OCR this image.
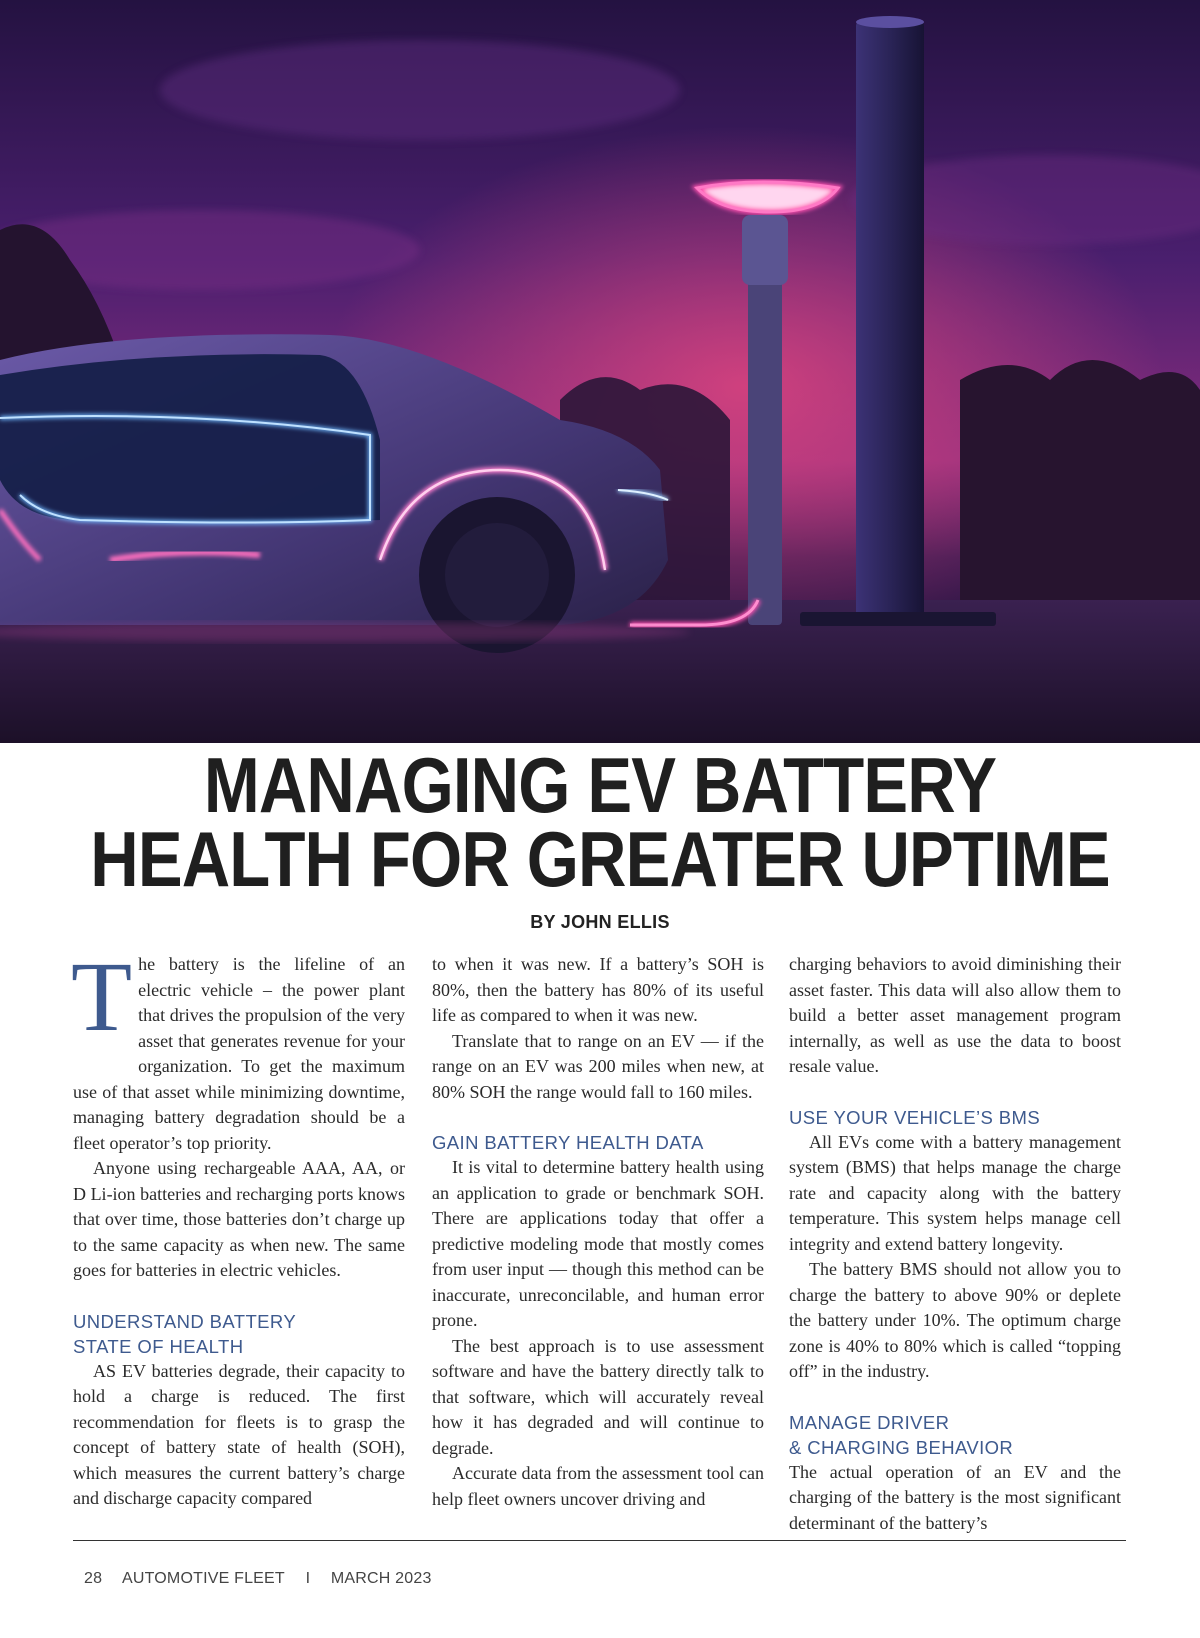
MANAGING EV BATTERY
HEALTH FOR GREATER UPTIME
BY JOHN ELLIS

The battery is the lifeline of an electric vehicle – the power plant that drives the propulsion of the very asset that generates revenue for your organization. To get the maximum use of that asset while minimizing downtime, managing battery degradation should be a fleet operator’s top priority.

Anyone using rechargeable AAA, AA, or D Li-ion batteries and recharging ports knows that over time, those batteries don’t charge up to the same capacity as when new. The same goes for batteries in electric vehicles.

UNDERSTAND BATTERY
STATE OF HEALTH

AS EV batteries degrade, their capacity to hold a charge is reduced. The first recommendation for fleets is to grasp the concept of battery state of health (SOH), which measures the current battery’s charge and discharge capacity compared

to when it was new. If a battery’s SOH is 80%, then the battery has 80% of its useful life as compared to when it was new.

Translate that to range on an EV — if the range on an EV was 200 miles when new, at 80% SOH the range would fall to 160 miles.

GAIN BATTERY HEALTH DATA

It is vital to determine battery health using an application to grade or benchmark SOH. There are applications today that offer a predictive modeling mode that mostly comes from user input — though this method can be inaccurate, unreconcilable, and human error prone.

The best approach is to use assessment software and have the battery directly talk to that software, which will accurately reveal how it has degraded and will continue to degrade.

Accurate data from the assessment tool can help fleet owners uncover driving and

charging behaviors to avoid diminishing their asset faster. This data will also allow them to build a better asset management program internally, as well as use the data to boost resale value.

USE YOUR VEHICLE’S BMS

All EVs come with a battery management system (BMS) that helps manage the charge rate and capacity along with the battery temperature. This system helps manage cell integrity and extend battery longevity.

The battery BMS should not allow you to charge the battery to above 90% or deplete the battery under 10%. The optimum charge zone is 40% to 80% which is called “topping off” in the industry.

MANAGE DRIVER
& CHARGING BEHAVIOR

The actual operation of an EV and the charging of the battery is the most significant determinant of the battery’s

28 AUTOMOTIVE FLEET I MARCH 2023
